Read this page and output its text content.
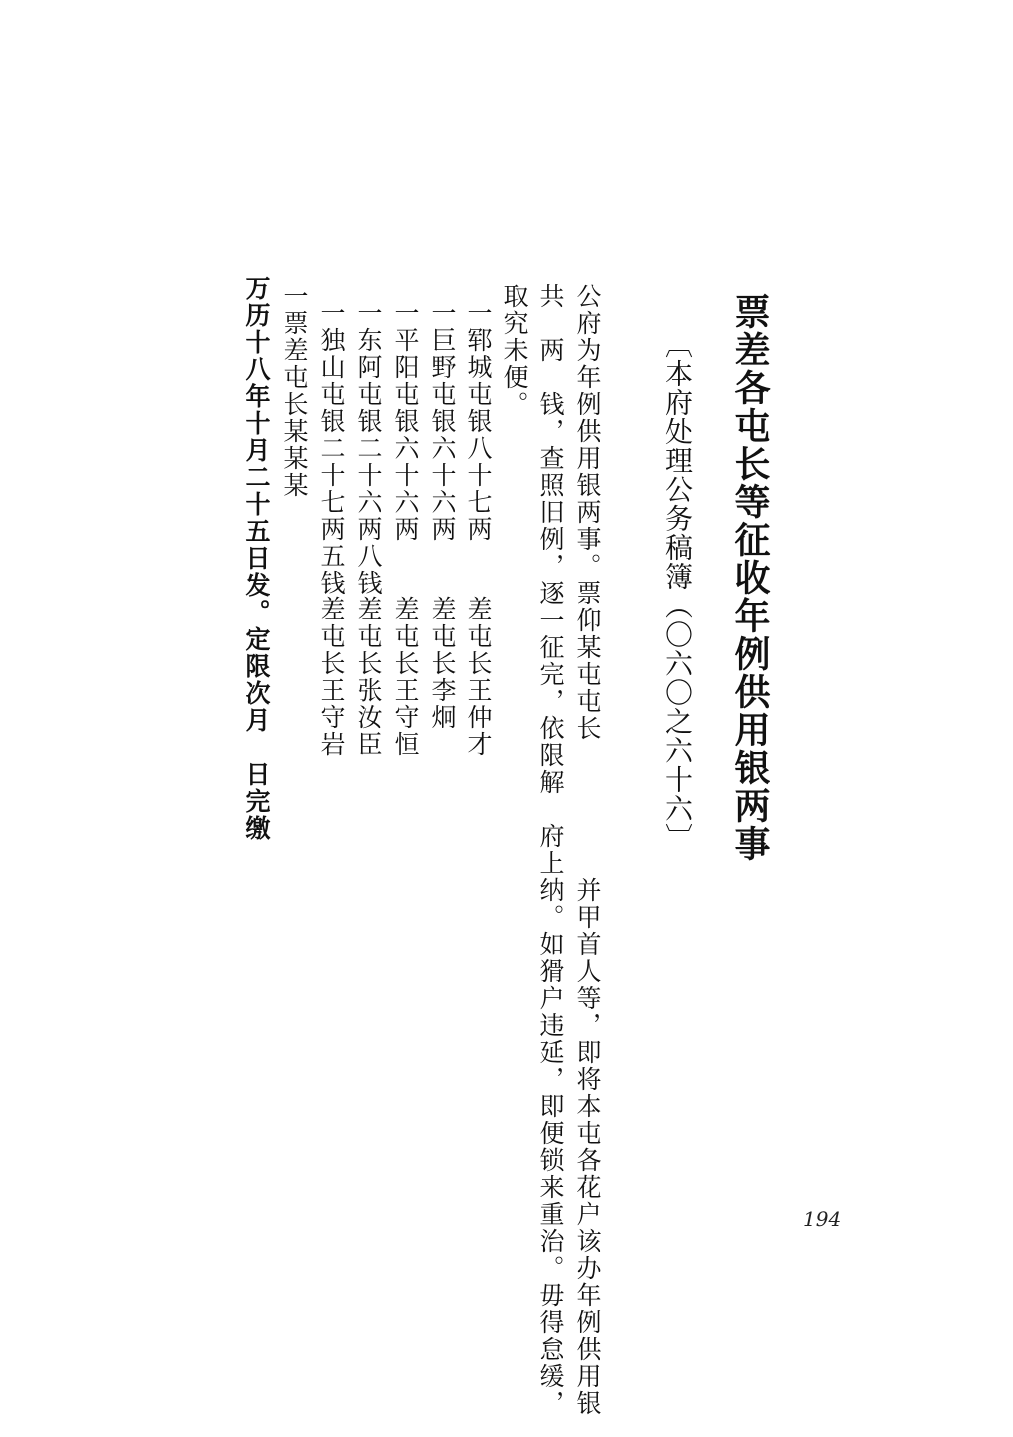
票差各屯长等征收年例供用银两事
〔本府处理公务稿簿（〇六〇之六十六〕
公府为年例供用银两事。票仰某屯屯长　　　　　并甲首人等，即将本屯各花户该办年例供用银
共　两　钱，查照旧例，逐一征完，依限解　府上纳。如猾户违延，即便锁来重治。毋得怠缓，
取究未便。
一郓城屯银八十七两
差屯长王仲才
一巨野屯银六十六两
差屯长李炯
一平阳屯银六十六两
差屯长王守恒
一东阿屯银二十六两八钱
差屯长张汝臣
一独山屯银二十七两五钱
差屯长王守岩
一票差屯长某某某
万历十八年十月二十五日发。定限次月　日完缴
194
